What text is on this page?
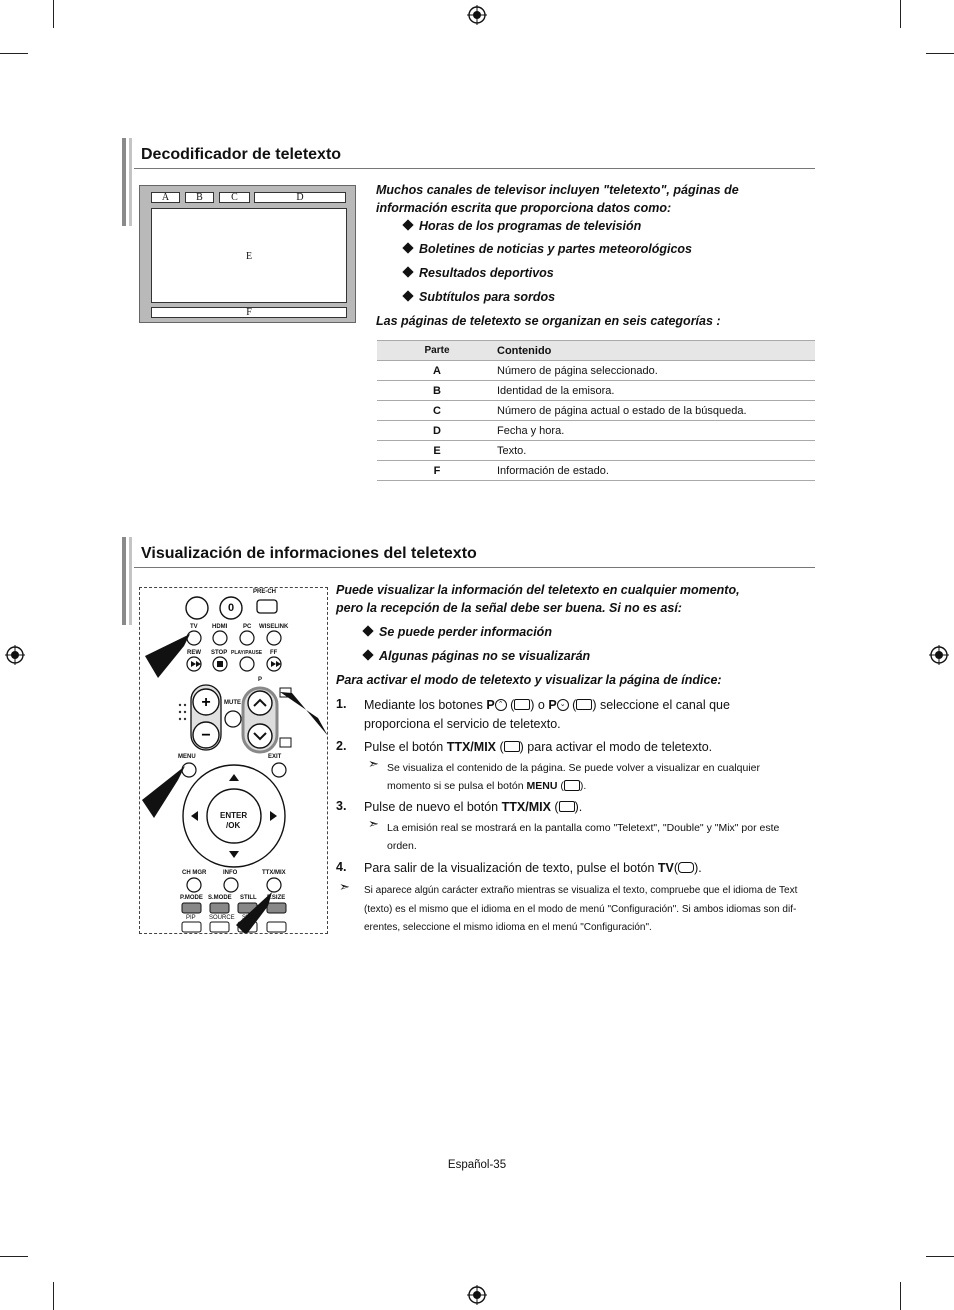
Decodificador de teletexto
A	B	C	D
E
F
Muchos canales de televisor incluyen "teletexto", páginas de información escrita que proporciona datos como:
Horas de los programas de televisión
Boletines de noticias y partes meteorológicos
Resultados deportivos
Subtítulos para sordos
Las páginas de teletexto se organizan en seis categorías :
Parte	Contenido
A	Número de página seleccionado.
B	Identidad de la emisora.
C	Número de página actual o estado de la búsqueda.
D	Fecha y hora.
E	Texto.
F	Información de estado.
Visualización de informaciones del teletexto
+
−
PRE-CH
0
TV HDMI	PC WISELINK
REW STOP PLAY/PAUSE FF
P
MUTE
MENU	EXIT
ENTER
/OK
CH MGR	INFO	TTX/MIX
P.MODE S.MODE STILL P.SIZE
PIP SOURCE SWAP
Puede visualizar la información del teletexto en cualquier momento,
pero la recepción de la señal debe ser buena. Si no es así:
Se puede perder información
Algunas páginas no se visualizarán
Para activar el modo de teletexto y visualizar la página de índice:
1. Mediante los botones P ⌃ ( ) o P ⌄ ( ) seleccione el canal que
proporciona el servicio de teletexto.
2. Pulse el botón TTX/MIX ( ) para activar el modo de teletexto.
➣ Se visualiza el contenido de la página. Se puede volver a visualizar en cualquier
momento si se pulsa el botón MENU ( ).
3. Pulse de nuevo el botón TTX/MIX ( ).
➣ La emisión real se mostrará en la pantalla como "Teletext", "Double" y "Mix" por este
orden.
4. Para salir de la visualización de texto, pulse el botón TV( ).
➣ Si aparece algún carácter extraño mientras se visualiza el texto, compruebe que el idioma de Text
(texto) es el mismo que el idioma en el modo de menú "Configuración". Si ambos idiomas son dif-
erentes, seleccione el mismo idioma en el menú "Configuración".
Español-35
